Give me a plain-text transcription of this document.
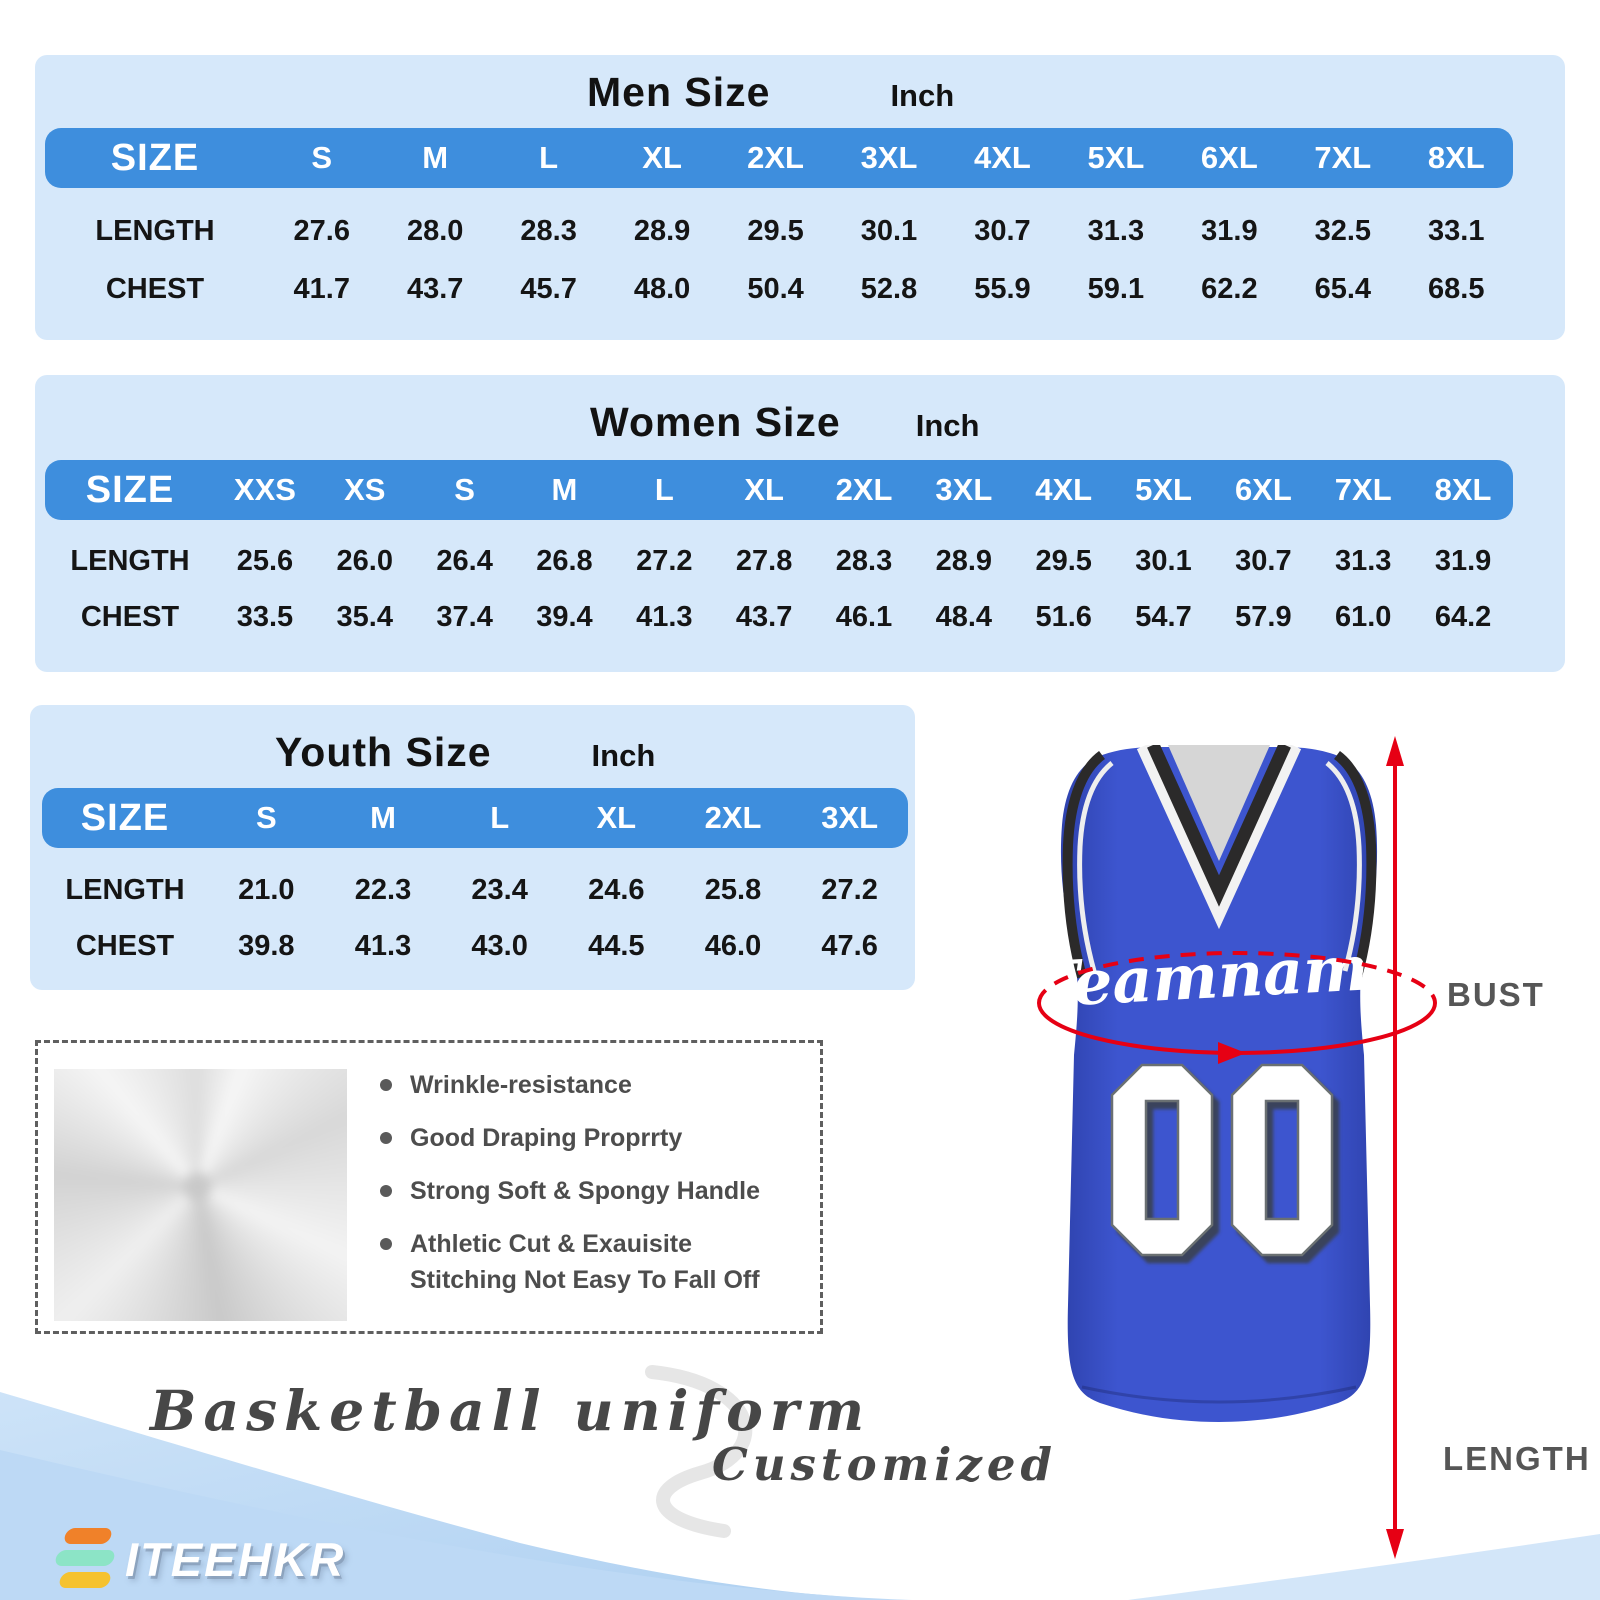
Men Size	Inch
SIZE	S	M	L	XL 2XL 3XL 4XL 5XL 6XL 7XL 8XL
LENGTH	27.6 28.0 28.3 28.9 29.5 30.1 30.7 31.3 31.9 32.5 33.1
CHEST	41.7 43.7 45.7 48.0 50.4 52.8 55.9 59.1 62.2 65.4 68.5
Women Size Inch
SIZE XXS XS S M L XL 2XL 3XL 4XL 5XL 6XL 7XL 8XL
LENGTH 25.6 26.0 26.4 26.8 27.2 27.8 28.3 28.9 29.5 30.1 30.7 31.3 31.9
CHEST 33.5 35.4 37.4 39.4 41.3 43.7 46.1 48.4 51.6 54.7 57.9 61.0 64.2
Youth Size	Inch
SIZE	S	M	L	XL 2XL 3XL
LENGTH 21.0 22.3 23.4 24.6 25.8 27.2
CHEST 39.8 41.3 43.0 44.5 46.0 47.6
Wrinkle-resistance
Good Draping Proprrty
Strong Soft & Spongy Handle
Athletic Cut & Exauisite Stitching Not Easy To Fall Off
Basketball uniform
Customized
Teamname BUST
LENGTH
ITEEHKR
